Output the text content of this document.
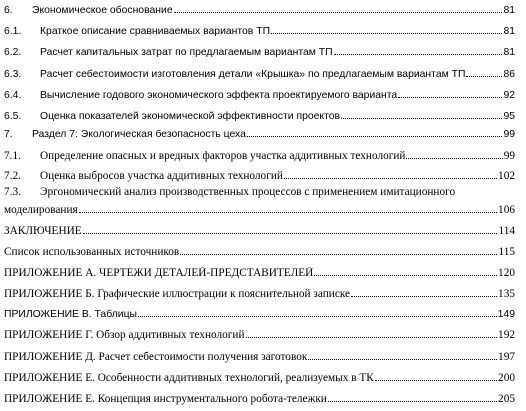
6.	Экономическое обоснование	81
6.1.	Краткое описание сравниваемых вариантов ТП	81
6.2.	Расчет капитальных затрат по предлагаемым вариантам ТП	81
6.3.	Расчет себестоимости изготовления детали «Крышка» по предлагаемым вариантам ТП	86
6.4.	Вычисление годового экономического эффекта проектируемого варианта	92
6.5.	Оценка показателей экономической эффективности проектов	95
7.	Раздел 7: Экологическая безопасность цеха	99
7.1.	Определение опасных и вредных факторов участка аддитивных технологий	99
7.2.	Оценка выбросов участка аддитивных технологий	102
7.3. Эргономический анализ производственных процессов с применением имитационного
моделирования	106
ЗАКЛЮЧЕНИЕ	114
Список использованных источников	115
ПРИЛОЖЕНИЕ А. ЧЕРТЕЖИ ДЕТАЛЕЙ-ПРЕДСТАВИТЕЛЕЙ	120
ПРИЛОЖЕНИЕ Б. Графические иллюстрации к пояснительной записке	135
ПРИЛОЖЕНИЕ В. Таблицы	149
ПРИЛОЖЕНИЕ Г. Обзор аддитивных технологий	192
ПРИЛОЖЕНИЕ Д. Расчет себестоимости получения заготовок	197
ПРИЛОЖЕНИЕ Е. Особенности аддитивных технологий, реализуемых в ТК	200
ПРИЛОЖЕНИЕ Е. Концепция инструментального робота-тележки	205
